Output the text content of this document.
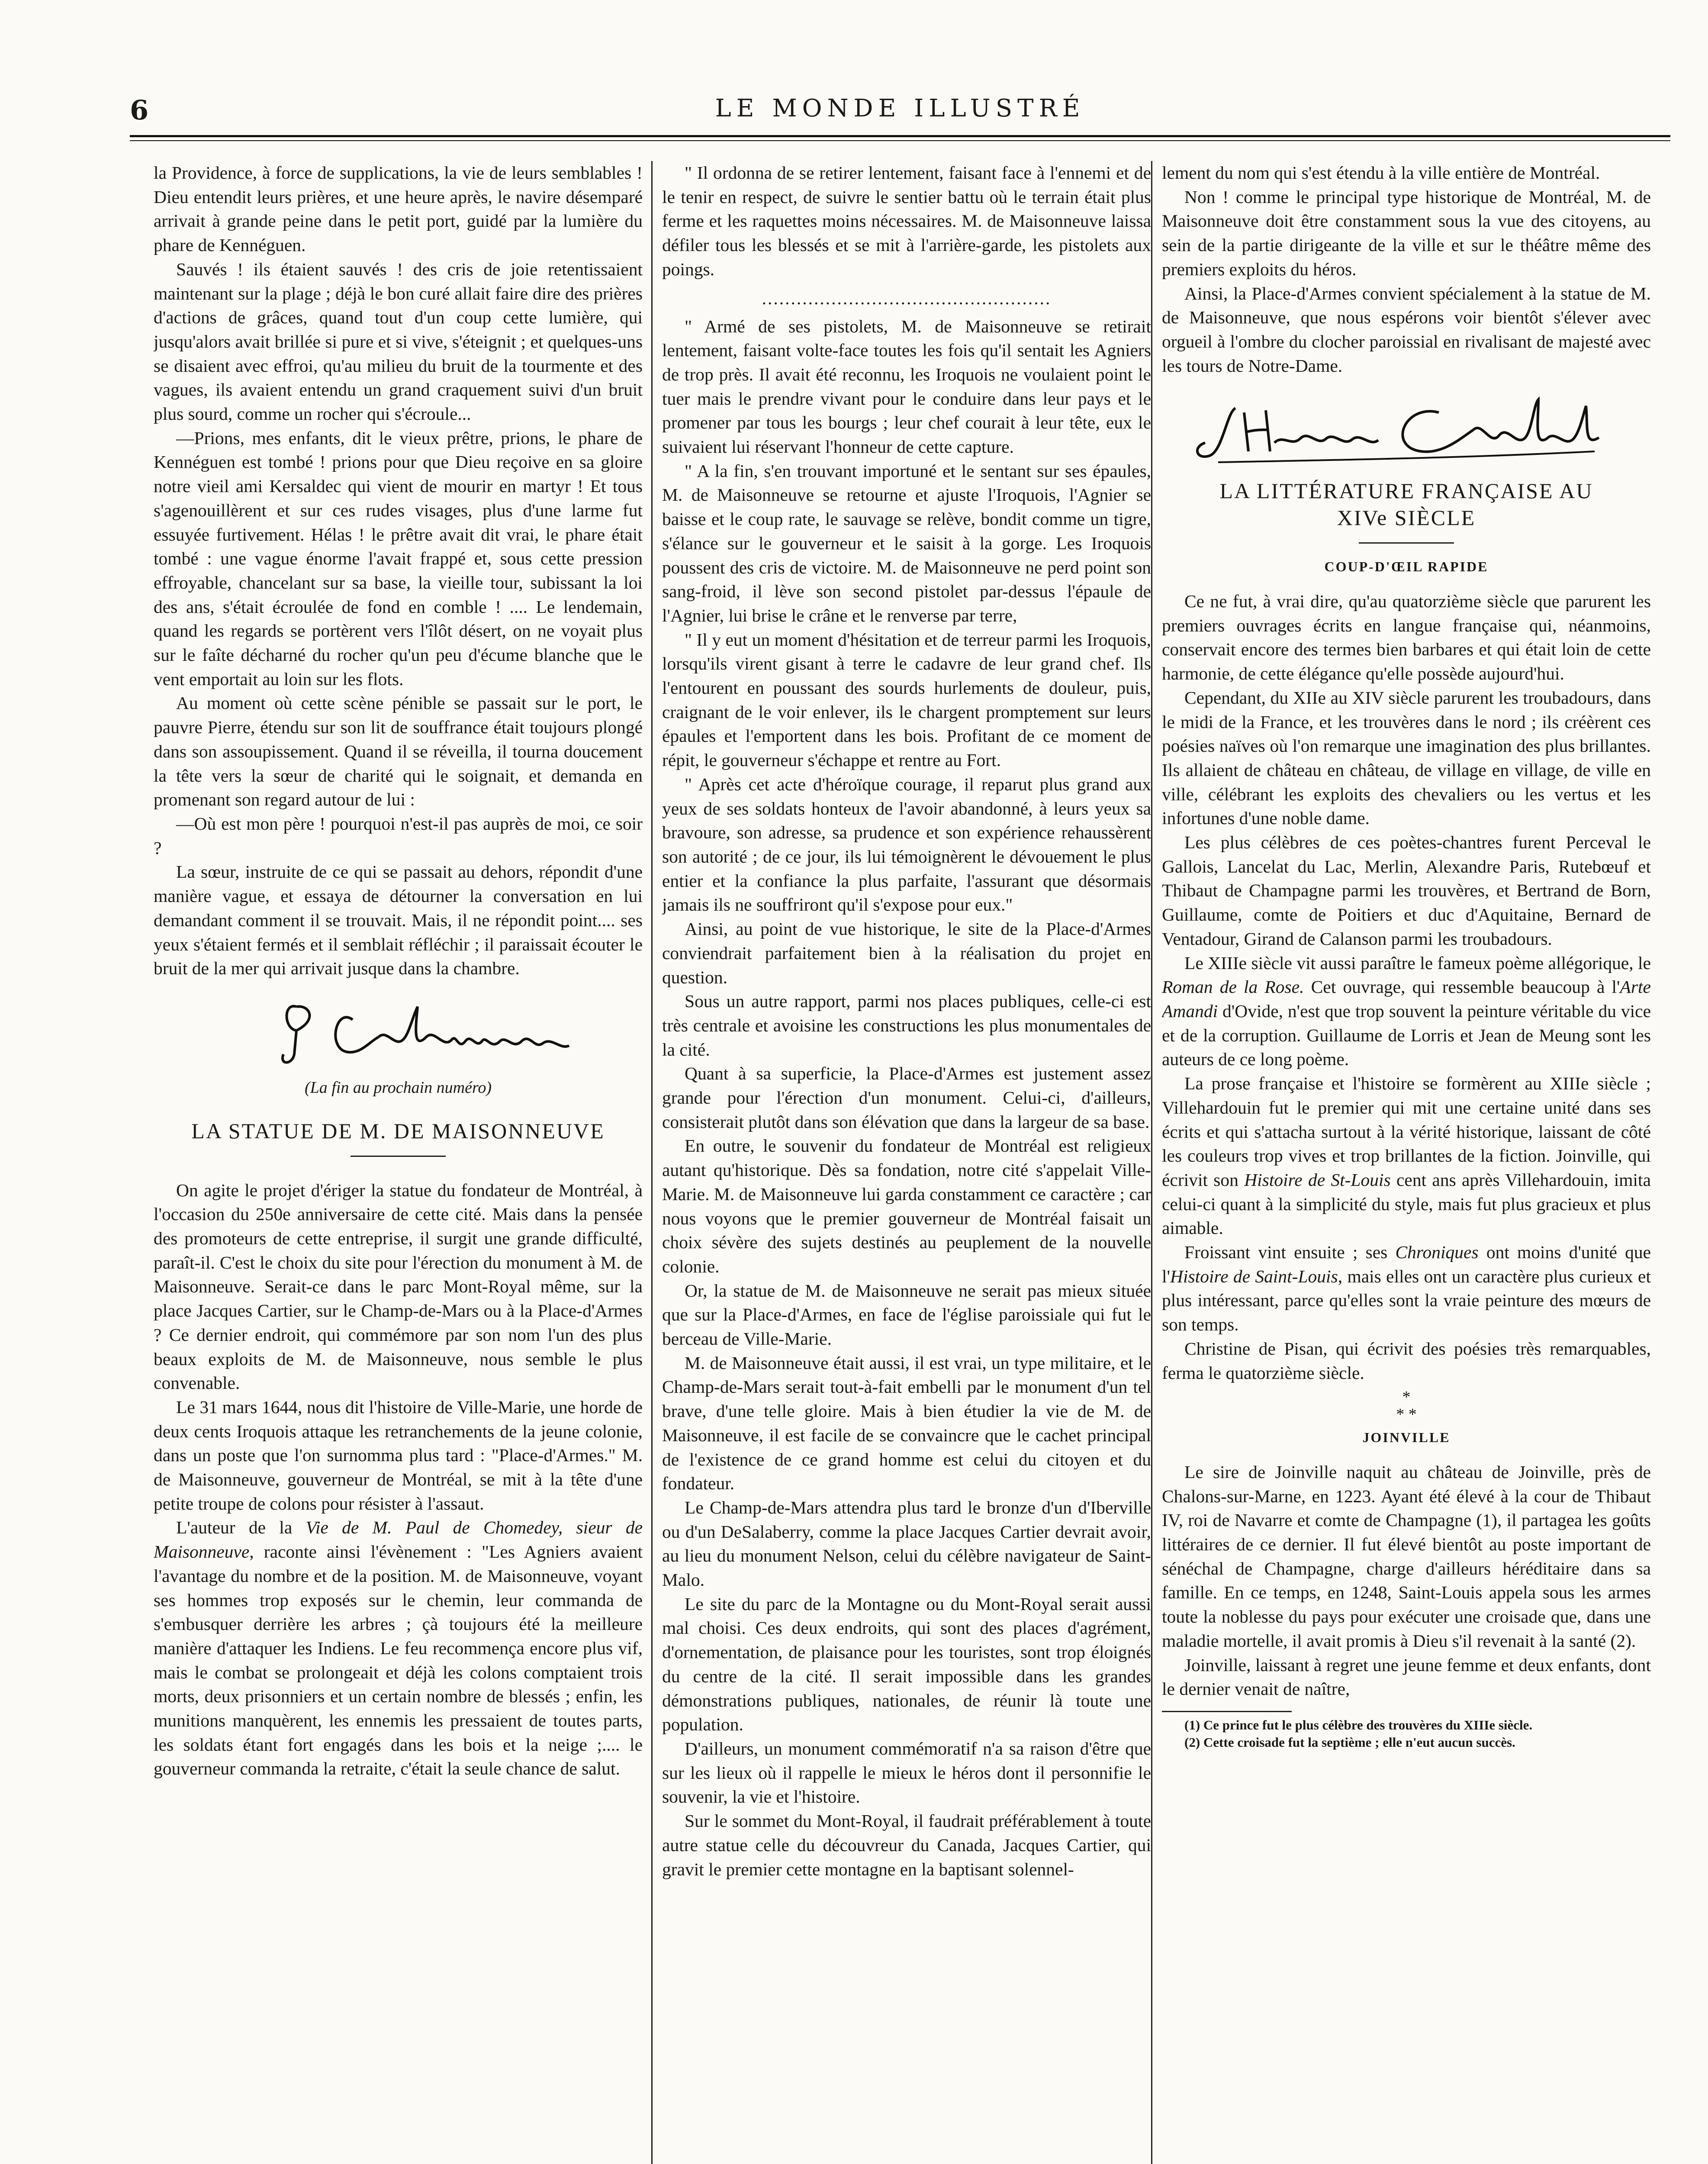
6	LE MONDE ILLUSTRÉ

la Providence, à force de supplications, la vie de leurs semblables ! Dieu entendit leurs prières, et une heure après, le navire désemparé arrivait à grande peine dans le petit port, guidé par la lumière du phare de Kennéguen.

Sauvés ! ils étaient sauvés ! des cris de joie retentissaient maintenant sur la plage ; déjà le bon curé allait faire dire des prières d'actions de grâces, quand tout d'un coup cette lumière, qui jusqu'alors avait brillée si pure et si vive, s'éteignit ; et quelques-uns se disaient avec effroi, qu'au milieu du bruit de la tourmente et des vagues, ils avaient entendu un grand craquement suivi d'un bruit plus sourd, comme un rocher qui s'écroule...

—Prions, mes enfants, dit le vieux prêtre, prions, le phare de Kennéguen est tombé ! prions pour que Dieu reçoive en sa gloire notre vieil ami Kersaldec qui vient de mourir en martyr ! Et tous s'agenouillèrent et sur ces rudes visages, plus d'une larme fut essuyée furtivement. Hélas ! le prêtre avait dit vrai, le phare était tombé : une vague énorme l'avait frappé et, sous cette pression effroyable, chancelant sur sa base, la vieille tour, subissant la loi des ans, s'était écroulée de fond en comble ! .... Le lendemain, quand les regards se portèrent vers l'îlôt désert, on ne voyait plus sur le faîte décharné du rocher qu'un peu d'écume blanche que le vent emportait au loin sur les flots.

Au moment où cette scène pénible se passait sur le port, le pauvre Pierre, étendu sur son lit de souffrance était toujours plongé dans son assoupissement. Quand il se réveilla, il tourna doucement la tête vers la sœur de charité qui le soignait, et demanda en promenant son regard autour de lui :

—Où est mon père ! pourquoi n'est-il pas auprès de moi, ce soir ?

La sœur, instruite de ce qui se passait au dehors, répondit d'une manière vague, et essaya de détourner la conversation en lui demandant comment il se trouvait. Mais, il ne répondit point.... ses yeux s'étaient fermés et il semblait réfléchir ; il paraissait écouter le bruit de la mer qui arrivait jusque dans la chambre.

(La fin au prochain numéro)
LA STATUE DE M. DE MAISONNEUVE

On agite le projet d'ériger la statue du fondateur de Montréal, à l'occasion du 250e anniversaire de cette cité. Mais dans la pensée des promoteurs de cette entreprise, il surgit une grande difficulté, paraît-il. C'est le choix du site pour l'érection du monument à M. de Maisonneuve. Serait-ce dans le parc Mont-Royal même, sur la place Jacques Cartier, sur le Champ-de-Mars ou à la Place-d'Armes ? Ce dernier endroit, qui commémore par son nom l'un des plus beaux exploits de M. de Maisonneuve, nous semble le plus convenable.

Le 31 mars 1644, nous dit l'histoire de Ville-Marie, une horde de deux cents Iroquois attaque les retranchements de la jeune colonie, dans un poste que l'on surnomma plus tard : "Place-d'Armes." M. de Maisonneuve, gouverneur de Montréal, se mit à la tête d'une petite troupe de colons pour résister à l'assaut.

L'auteur de la Vie de M. Paul de Chomedey, sieur de Maisonneuve, raconte ainsi l'évènement : "Les Agniers avaient l'avantage du nombre et de la position. M. de Maisonneuve, voyant ses hommes trop exposés sur le chemin, leur commanda de s'embusquer derrière les arbres ; çà toujours été la meilleure manière d'attaquer les Indiens. Le feu recommença encore plus vif, mais le combat se prolongeait et déjà les colons comptaient trois morts, deux prisonniers et un certain nombre de blessés ; enfin, les munitions manquèrent, les ennemis les pressaient de toutes parts, les soldats étant fort engagés dans les bois et la neige ;.... le gouverneur commanda la retraite, c'était la seule chance de salut.

" Il ordonna de se retirer lentement, faisant face à l'ennemi et de le tenir en respect, de suivre le sentier battu où le terrain était plus ferme et les raquettes moins nécessaires. M. de Maisonneuve laissa défiler tous les blessés et se mit à l'arrière-garde, les pistolets aux poings.

..................................................

" Armé de ses pistolets, M. de Maisonneuve se retirait lentement, faisant volte-face toutes les fois qu'il sentait les Agniers de trop près. Il avait été reconnu, les Iroquois ne voulaient point le tuer mais le prendre vivant pour le conduire dans leur pays et le promener par tous les bourgs ; leur chef courait à leur tête, eux le suivaient lui réservant l'honneur de cette capture.

" A la fin, s'en trouvant importuné et le sentant sur ses épaules, M. de Maisonneuve se retourne et ajuste l'Iroquois, l'Agnier se baisse et le coup rate, le sauvage se relève, bondit comme un tigre, s'élance sur le gouverneur et le saisit à la gorge. Les Iroquois poussent des cris de victoire. M. de Maisonneuve ne perd point son sang-froid, il lève son second pistolet par-dessus l'épaule de l'Agnier, lui brise le crâne et le renverse par terre,

" Il y eut un moment d'hésitation et de terreur parmi les Iroquois, lorsqu'ils virent gisant à terre le cadavre de leur grand chef. Ils l'entourent en poussant des sourds hurlements de douleur, puis, craignant de le voir enlever, ils le chargent promptement sur leurs épaules et l'emportent dans les bois. Profitant de ce moment de répit, le gouverneur s'échappe et rentre au Fort.

" Après cet acte d'héroïque courage, il reparut plus grand aux yeux de ses soldats honteux de l'avoir abandonné, à leurs yeux sa bravoure, son adresse, sa prudence et son expérience rehaussèrent son autorité ; de ce jour, ils lui témoignèrent le dévouement le plus entier et la confiance la plus parfaite, l'assurant que désormais jamais ils ne souffriront qu'il s'expose pour eux."

Ainsi, au point de vue historique, le site de la Place-d'Armes conviendrait parfaitement bien à la réalisation du projet en question.

Sous un autre rapport, parmi nos places publiques, celle-ci est très centrale et avoisine les constructions les plus monumentales de la cité.

Quant à sa superficie, la Place-d'Armes est justement assez grande pour l'érection d'un monument. Celui-ci, d'ailleurs, consisterait plutôt dans son élévation que dans la largeur de sa base.

En outre, le souvenir du fondateur de Montréal est religieux autant qu'historique. Dès sa fondation, notre cité s'appelait Ville-Marie. M. de Maisonneuve lui garda constamment ce caractère ; car nous voyons que le premier gouverneur de Montréal faisait un choix sévère des sujets destinés au peuplement de la nouvelle colonie.

Or, la statue de M. de Maisonneuve ne serait pas mieux située que sur la Place-d'Armes, en face de l'église paroissiale qui fut le berceau de Ville-Marie.

M. de Maisonneuve était aussi, il est vrai, un type militaire, et le Champ-de-Mars serait tout-à-fait embelli par le monument d'un tel brave, d'une telle gloire. Mais à bien étudier la vie de M. de Maisonneuve, il est facile de se convaincre que le cachet principal de l'existence de ce grand homme est celui du citoyen et du fondateur.

Le Champ-de-Mars attendra plus tard le bronze d'un d'Iberville ou d'un DeSalaberry, comme la place Jacques Cartier devrait avoir, au lieu du monument Nelson, celui du célèbre navigateur de Saint-Malo.

Le site du parc de la Montagne ou du Mont-Royal serait aussi mal choisi. Ces deux endroits, qui sont des places d'agrément, d'ornementation, de plaisance pour les touristes, sont trop éloignés du centre de la cité. Il serait impossible dans les grandes démonstrations publiques, nationales, de réunir là toute une population.

D'ailleurs, un monument commémoratif n'a sa raison d'être que sur les lieux où il rappelle le mieux le héros dont il personnifie le souvenir, la vie et l'histoire.

Sur le sommet du Mont-Royal, il faudrait préférablement à toute autre statue celle du découvreur du Canada, Jacques Cartier, qui gravit le premier cette montagne en la baptisant solennel-

lement du nom qui s'est étendu à la ville entière de Montréal.

Non ! comme le principal type historique de Montréal, M. de Maisonneuve doit être constamment sous la vue des citoyens, au sein de la partie dirigeante de la ville et sur le théâtre même des premiers exploits du héros.

Ainsi, la Place-d'Armes convient spécialement à la statue de M. de Maisonneuve, que nous espérons voir bientôt s'élever avec orgueil à l'ombre du clocher paroissial en rivalisant de majesté avec les tours de Notre-Dame.

LA LITTÉRATURE FRANÇAISE AU
XIVe SIÈCLE
COUP-D'ŒIL RAPIDE

Ce ne fut, à vrai dire, qu'au quatorzième siècle que parurent les premiers ouvrages écrits en langue française qui, néanmoins, conservait encore des termes bien barbares et qui était loin de cette harmonie, de cette élégance qu'elle possède aujourd'hui.

Cependant, du XIIe au XIV siècle parurent les troubadours, dans le midi de la France, et les trouvères dans le nord ; ils créèrent ces poésies naïves où l'on remarque une imagination des plus brillantes. Ils allaient de château en château, de village en village, de ville en ville, célébrant les exploits des chevaliers ou les vertus et les infortunes d'une noble dame.

Les plus célèbres de ces poètes-chantres furent Perceval le Gallois, Lancelat du Lac, Merlin, Alexandre Paris, Rutebœuf et Thibaut de Champagne parmi les trouvères, et Bertrand de Born, Guillaume, comte de Poitiers et duc d'Aquitaine, Bernard de Ventadour, Girand de Calanson parmi les troubadours.

Le XIIIe siècle vit aussi paraître le fameux poème allégorique, le Roman de la Rose. Cet ouvrage, qui ressemble beaucoup à l'Arte Amandi d'Ovide, n'est que trop souvent la peinture véritable du vice et de la corruption. Guillaume de Lorris et Jean de Meung sont les auteurs de ce long poème.

La prose française et l'histoire se formèrent au XIIIe siècle ; Villehardouin fut le premier qui mit une certaine unité dans ses écrits et qui s'attacha surtout à la vérité historique, laissant de côté les couleurs trop vives et trop brillantes de la fiction. Joinville, qui écrivit son Histoire de St-Louis cent ans après Villehardouin, imita celui-ci quant à la simplicité du style, mais fut plus gracieux et plus aimable.

Froissant vint ensuite ; ses Chroniques ont moins d'unité que l'Histoire de Saint-Louis, mais elles ont un caractère plus curieux et plus intéressant, parce qu'elles sont la vraie peinture des mœurs de son temps.

Christine de Pisan, qui écrivit des poésies très remarquables, ferma le quatorzième siècle.

*
* *
JOINVILLE

Le sire de Joinville naquit au château de Joinville, près de Chalons-sur-Marne, en 1223. Ayant été élevé à la cour de Thibaut IV, roi de Navarre et comte de Champagne (1), il partagea les goûts littéraires de ce dernier. Il fut élevé bientôt au poste important de sénéchal de Champagne, charge d'ailleurs héréditaire dans sa famille. En ce temps, en 1248, Saint-Louis appela sous les armes toute la noblesse du pays pour exécuter une croisade que, dans une maladie mortelle, il avait promis à Dieu s'il revenait à la santé (2).

Joinville, laissant à regret une jeune femme et deux enfants, dont le dernier venait de naître,

(1) Ce prince fut le plus célèbre des trouvères du XIIIe siècle.

(2) Cette croisade fut la septième ; elle n'eut aucun succès.
